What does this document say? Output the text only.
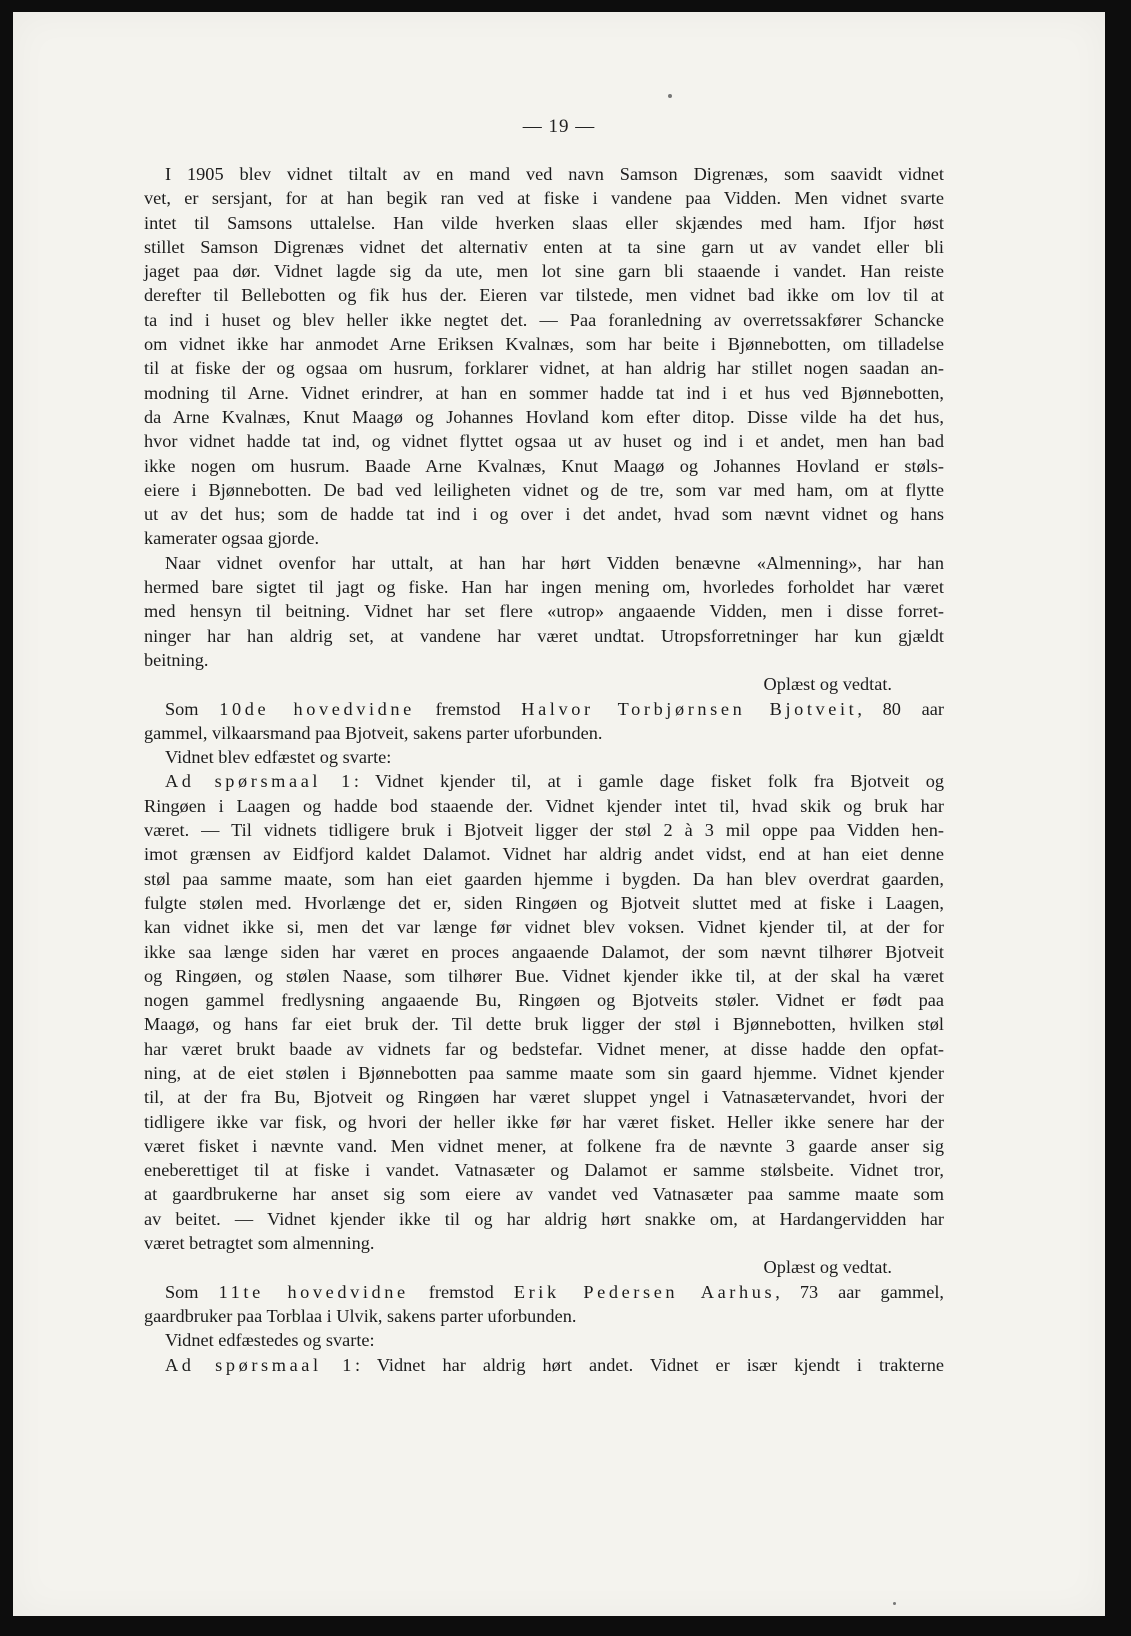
— 19 —
I 1905 blev vidnet tiltalt av en mand ved navn Samson Digrenæs, som saavidt vidnet
vet, er sersjant, for at han begik ran ved at fiske i vandene paa Vidden. Men vidnet svarte
intet til Samsons uttalelse. Han vilde hverken slaas eller skjændes med ham. Ifjor høst
stillet Samson Digrenæs vidnet det alternativ enten at ta sine garn ut av vandet eller bli
jaget paa dør. Vidnet lagde sig da ute, men lot sine garn bli staaende i vandet. Han reiste
derefter til Bellebotten og fik hus der. Eieren var tilstede, men vidnet bad ikke om lov til at
ta ind i huset og blev heller ikke negtet det. — Paa foranledning av overretssakfører Schancke
om vidnet ikke har anmodet Arne Eriksen Kvalnæs, som har beite i Bjønnebotten, om tilladelse
til at fiske der og ogsaa om husrum, forklarer vidnet, at han aldrig har stillet nogen saadan an-
modning til Arne. Vidnet erindrer, at han en sommer hadde tat ind i et hus ved Bjønnebotten,
da Arne Kvalnæs, Knut Maagø og Johannes Hovland kom efter ditop. Disse vilde ha det hus,
hvor vidnet hadde tat ind, og vidnet flyttet ogsaa ut av huset og ind i et andet, men han bad
ikke nogen om husrum. Baade Arne Kvalnæs, Knut Maagø og Johannes Hovland er støls-
eiere i Bjønnebotten. De bad ved leiligheten vidnet og de tre, som var med ham, om at flytte
ut av det hus; som de hadde tat ind i og over i det andet, hvad som nævnt vidnet og hans
kamerater ogsaa gjorde.
Naar vidnet ovenfor har uttalt, at han har hørt Vidden benævne «Almenning», har han
hermed bare sigtet til jagt og fiske. Han har ingen mening om, hvorledes forholdet har været
med hensyn til beitning. Vidnet har set flere «utrop» angaaende Vidden, men i disse forret-
ninger har han aldrig set, at vandene har været undtat. Utropsforretninger har kun gjældt
beitning.
Oplæst og vedtat.
Som 10de hovedvidne fremstod Halvor Torbjørnsen Bjotveit, 80 aar
gammel, vilkaarsmand paa Bjotveit, sakens parter uforbunden.
Vidnet blev edfæstet og svarte:
Ad spørsmaal 1: Vidnet kjender til, at i gamle dage fisket folk fra Bjotveit og
Ringøen i Laagen og hadde bod staaende der. Vidnet kjender intet til, hvad skik og bruk har
været. — Til vidnets tidligere bruk i Bjotveit ligger der støl 2 à 3 mil oppe paa Vidden hen-
imot grænsen av Eidfjord kaldet Dalamot. Vidnet har aldrig andet vidst, end at han eiet denne
støl paa samme maate, som han eiet gaarden hjemme i bygden. Da han blev overdrat gaarden,
fulgte stølen med. Hvorlænge det er, siden Ringøen og Bjotveit sluttet med at fiske i Laagen,
kan vidnet ikke si, men det var længe før vidnet blev voksen. Vidnet kjender til, at der for
ikke saa længe siden har været en proces angaaende Dalamot, der som nævnt tilhører Bjotveit
og Ringøen, og stølen Naase, som tilhører Bue. Vidnet kjender ikke til, at der skal ha været
nogen gammel fredlysning angaaende Bu, Ringøen og Bjotveits støler. Vidnet er født paa
Maagø, og hans far eiet bruk der. Til dette bruk ligger der støl i Bjønnebotten, hvilken støl
har været brukt baade av vidnets far og bedstefar. Vidnet mener, at disse hadde den opfat-
ning, at de eiet stølen i Bjønnebotten paa samme maate som sin gaard hjemme. Vidnet kjender
til, at der fra Bu, Bjotveit og Ringøen har været sluppet yngel i Vatnasætervandet, hvori der
tidligere ikke var fisk, og hvori der heller ikke før har været fisket. Heller ikke senere har der
været fisket i nævnte vand. Men vidnet mener, at folkene fra de nævnte 3 gaarde anser sig
eneberettiget til at fiske i vandet. Vatnasæter og Dalamot er samme stølsbeite. Vidnet tror,
at gaardbrukerne har anset sig som eiere av vandet ved Vatnasæter paa samme maate som
av beitet. — Vidnet kjender ikke til og har aldrig hørt snakke om, at Hardangervidden har
været betragtet som almenning.
Oplæst og vedtat.
Som 11te hovedvidne fremstod Erik Pedersen Aarhus, 73 aar gammel,
gaardbruker paa Torblaa i Ulvik, sakens parter uforbunden.
Vidnet edfæstedes og svarte:
Ad spørsmaal 1: Vidnet har aldrig hørt andet. Vidnet er især kjendt i trakterne
